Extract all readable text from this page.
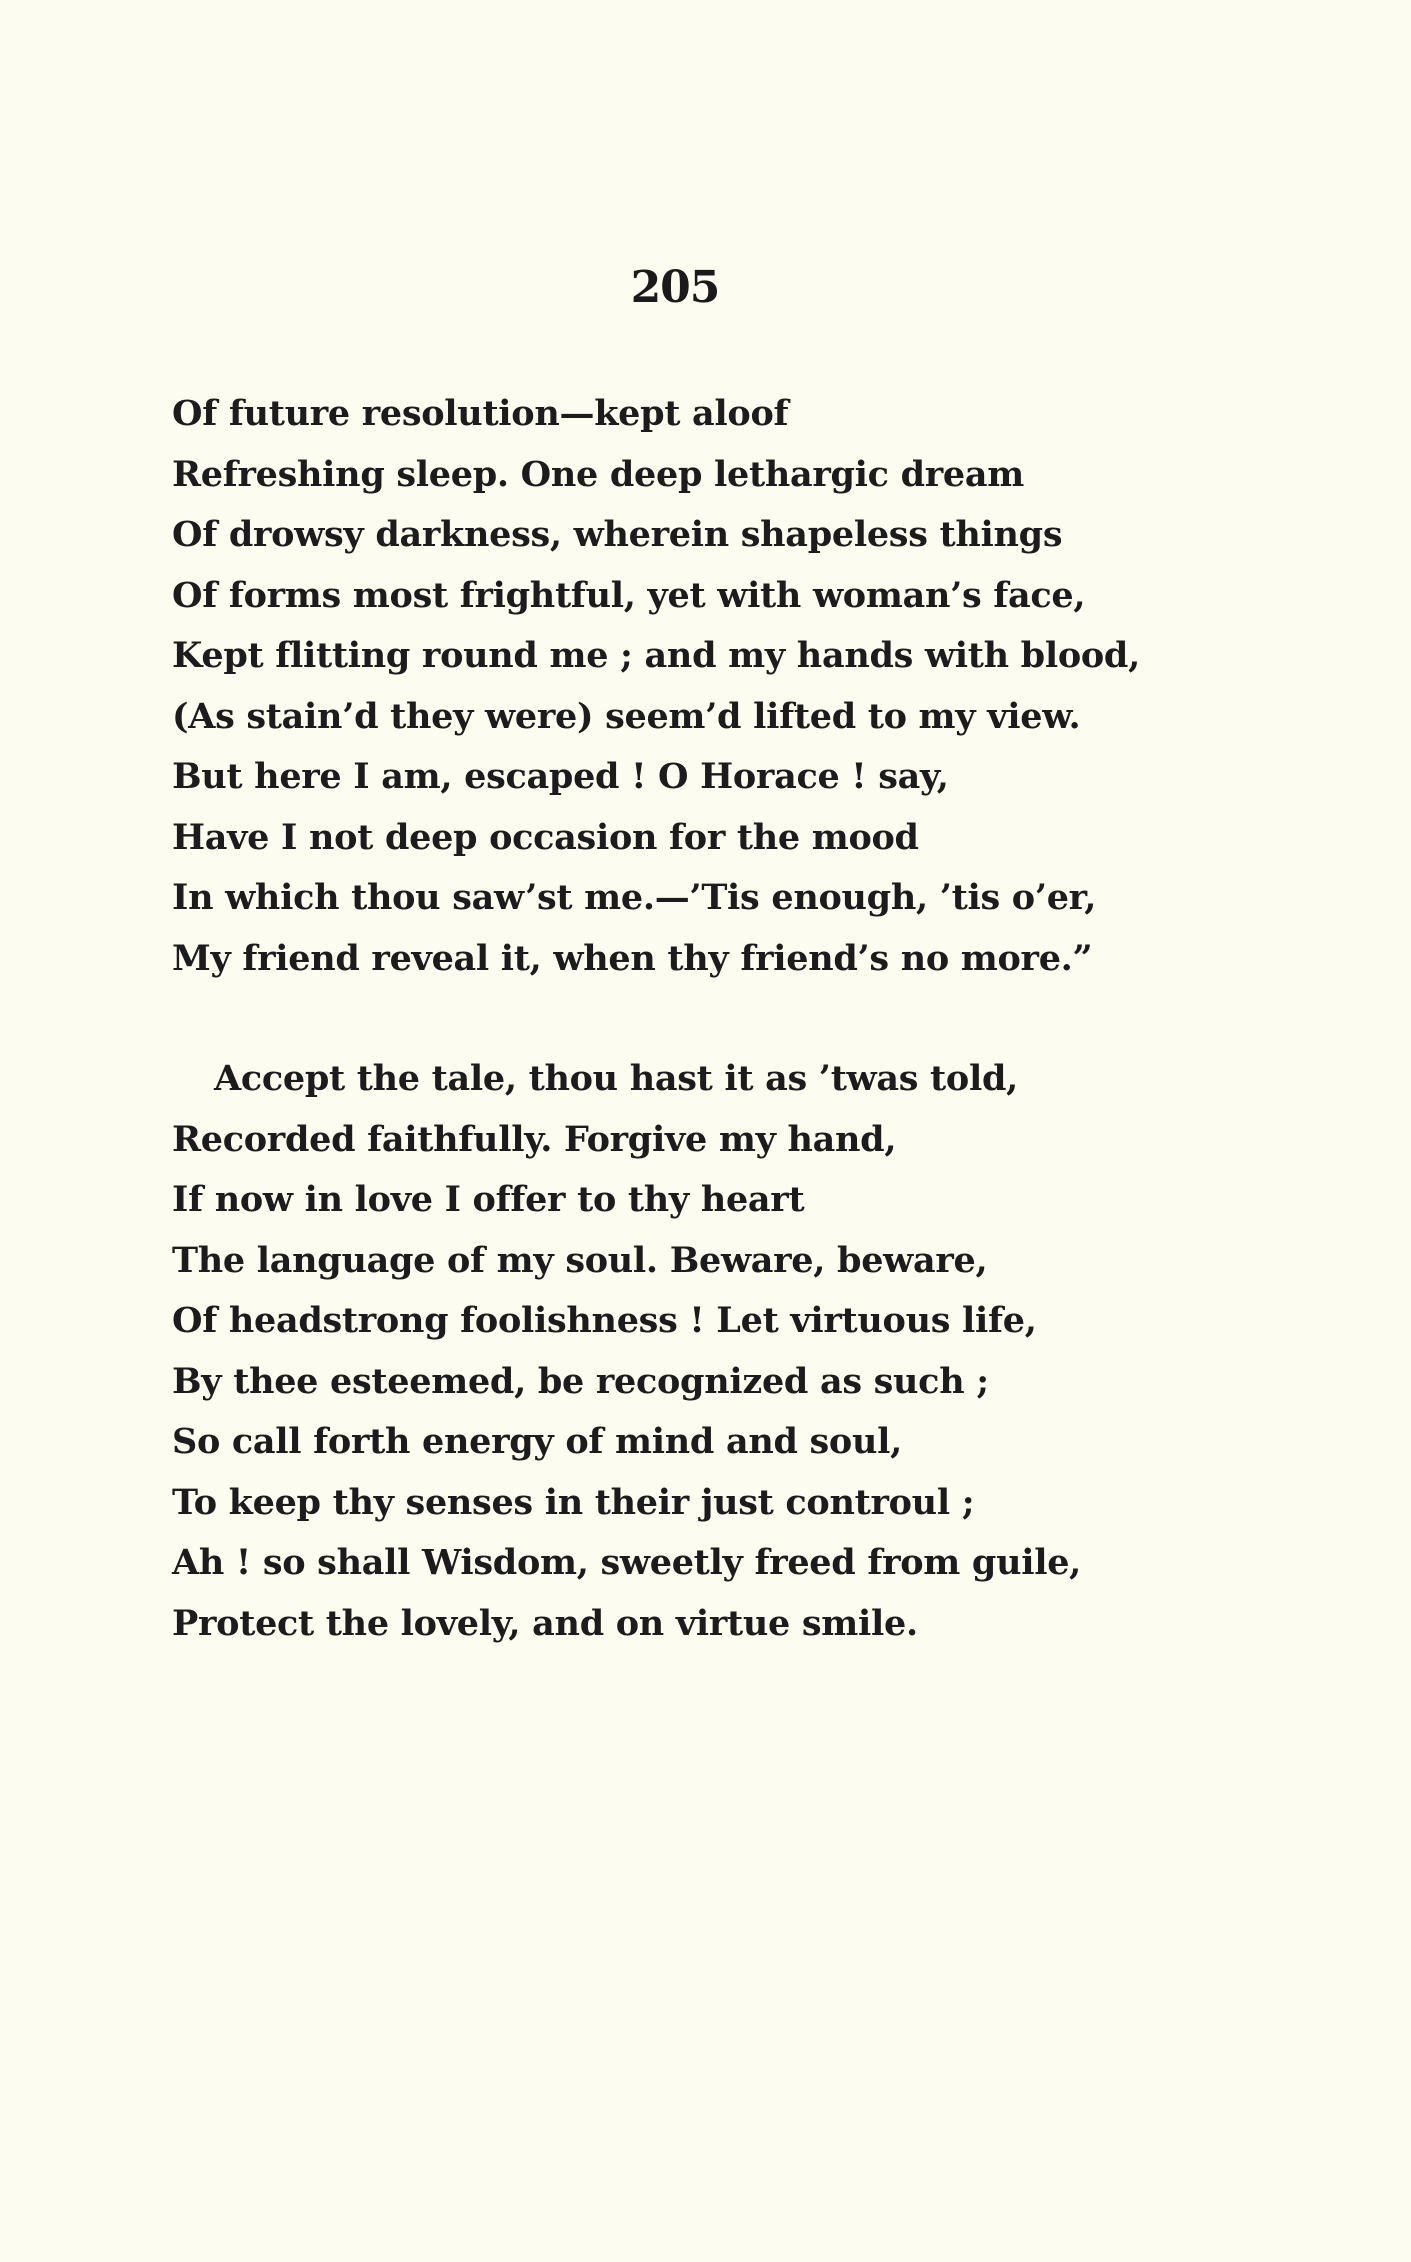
205
Of future resolution—kept aloof
Refreshing sleep. One deep lethargic dream
Of drowsy darkness, wherein shapeless things
Of forms most frightful, yet with woman’s face,
Kept flitting round me ; and my hands with blood,
(As stain’d they were) seem’d lifted to my view.
But here I am, escaped ! O Horace ! say,
Have I not deep occasion for the mood
In which thou saw’st me.—’Tis enough, ’tis o’er,
My friend reveal it, when thy friend’s no more.”
Accept the tale, thou hast it as ’twas told,
Recorded faithfully. Forgive my hand,
If now in love I offer to thy heart
The language of my soul. Beware, beware,
Of headstrong foolishness ! Let virtuous life,
By thee esteemed, be recognized as such ;
So call forth energy of mind and soul,
To keep thy senses in their just controul ;
Ah ! so shall Wisdom, sweetly freed from guile,
Protect the lovely, and on virtue smile.
